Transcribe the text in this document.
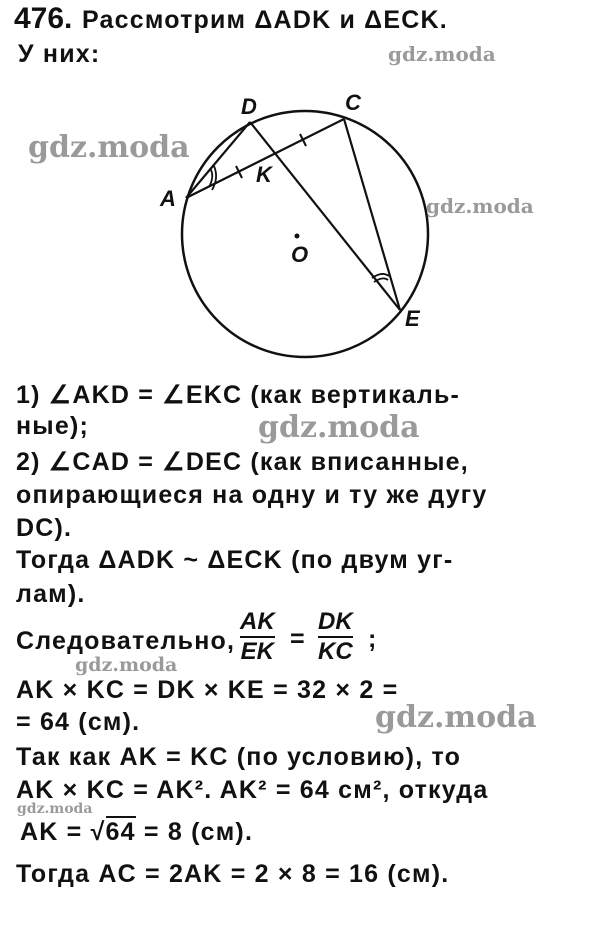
476. Рассмотрим ΔADK и ΔECK.
У них:
D	C
A
K
O
E
1) ∠AKD = ∠EKC (как вертикаль-
ные);
2) ∠CAD = ∠DEC (как вписанные,
опирающиеся на одну и ту же дугу
DC).
Тогда ΔADK ~ ΔECK (по двум уг-
лам).
Следовательно,
AK
EK =
DK
KC ;
AK × KC = DK × KE = 32 × 2 =
= 64 (см).
Так как AK = KC (по условию), то
AK × KC = AK². AK² = 64 см², откуда
AK = √64 = 8 (см).
Тогда AC = 2AK = 2 × 8 = 16 (см).
gdz.moda
gdz.moda
gdz.moda
gdz.moda
gdz.moda
gdz.moda
gdz.moda
